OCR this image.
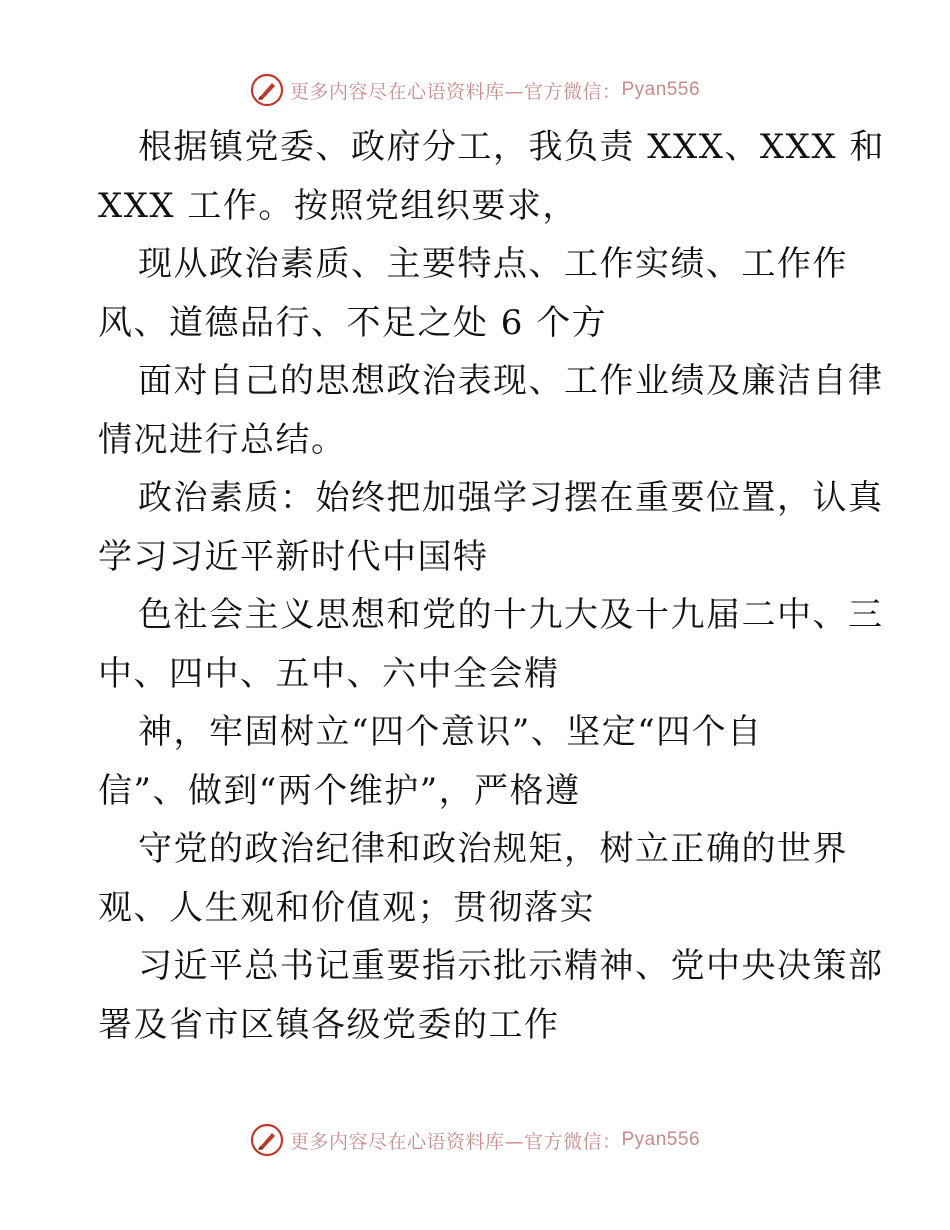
更多内容尽在心语资料库—官方微信： Pyan556
根据镇党委、政府分工，我负责 XXX、XXX 和
XXX 工作。按照党组织要求，
现从政治素质、主要特点、工作实绩、工作作
风、道德品行、不足之处 6 个方
面对自己的思想政治表现、工作业绩及廉洁自律
情况进行总结。
政治素质：始终把加强学习摆在重要位置，认真
学习习近平新时代中国特
色社会主义思想和党的十九大及十九届二中、三
中、四中、五中、六中全会精
神，牢固树立“四个意识”、坚定“四个自
信”、做到“两个维护”，严格遵
守党的政治纪律和政治规矩，树立正确的世界
观、人生观和价值观；贯彻落实
习近平总书记重要指示批示精神、党中央决策部
署及省市区镇各级党委的工作
更多内容尽在心语资料库—官方微信： Pyan556
